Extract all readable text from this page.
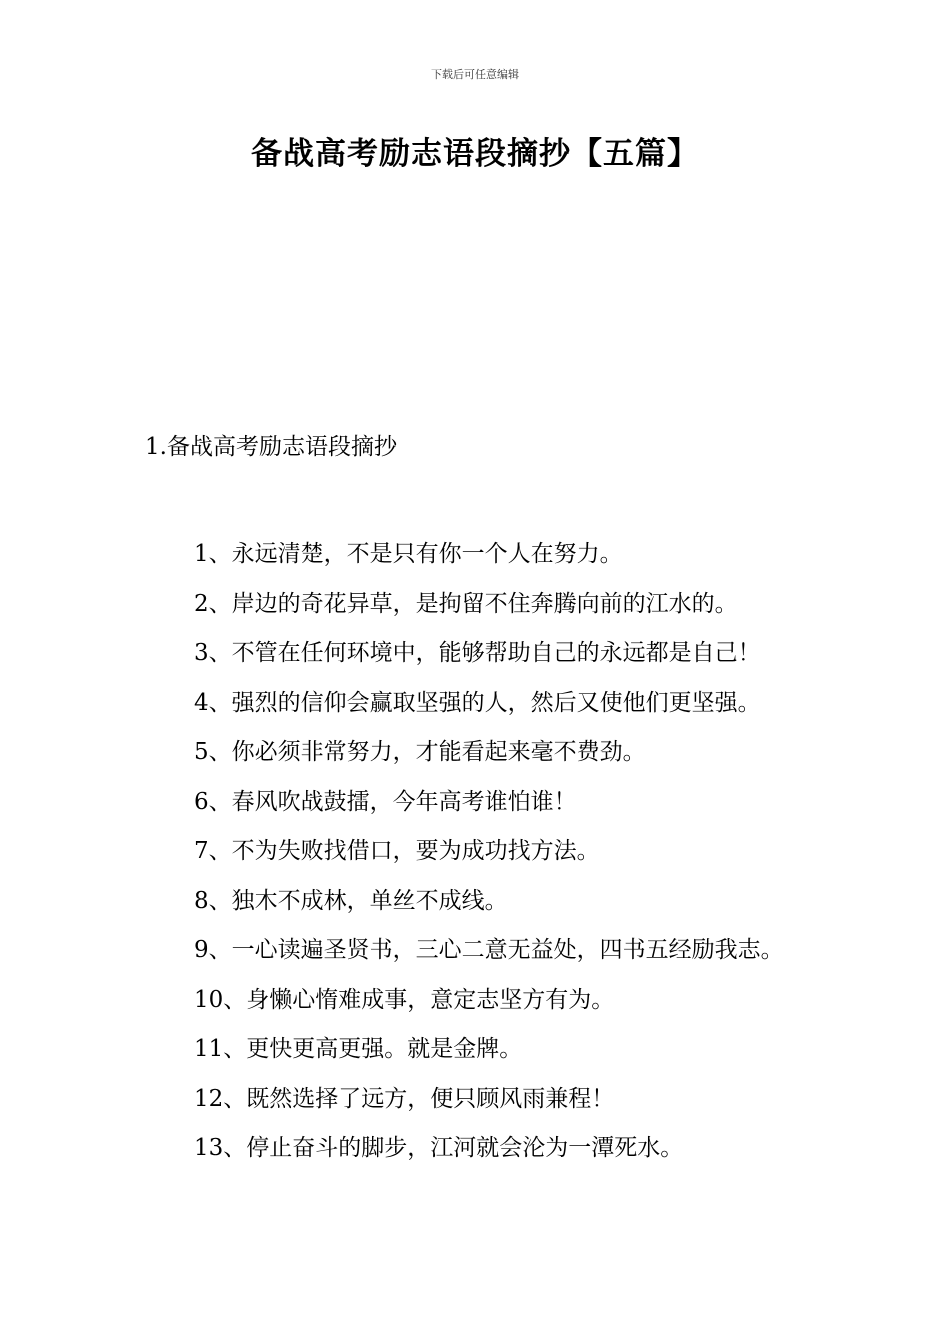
下载后可任意编辑
备战高考励志语段摘抄【五篇】
1.备战高考励志语段摘抄
1、永远清楚，不是只有你一个人在努力。
2、岸边的奇花异草，是拘留不住奔腾向前的江水的。
3、不管在任何环境中，能够帮助自己的永远都是自己！
4、强烈的信仰会赢取坚强的人，然后又使他们更坚强。
5、你必须非常努力，才能看起来毫不费劲。
6、春风吹战鼓擂，今年高考谁怕谁！
7、不为失败找借口，要为成功找方法。
8、独木不成林，单丝不成线。
9、一心读遍圣贤书，三心二意无益处，四书五经励我志。
10、身懒心惰难成事，意定志坚方有为。
11、更快更高更强。就是金牌。
12、既然选择了远方，便只顾风雨兼程！
13、停止奋斗的脚步，江河就会沦为一潭死水。
